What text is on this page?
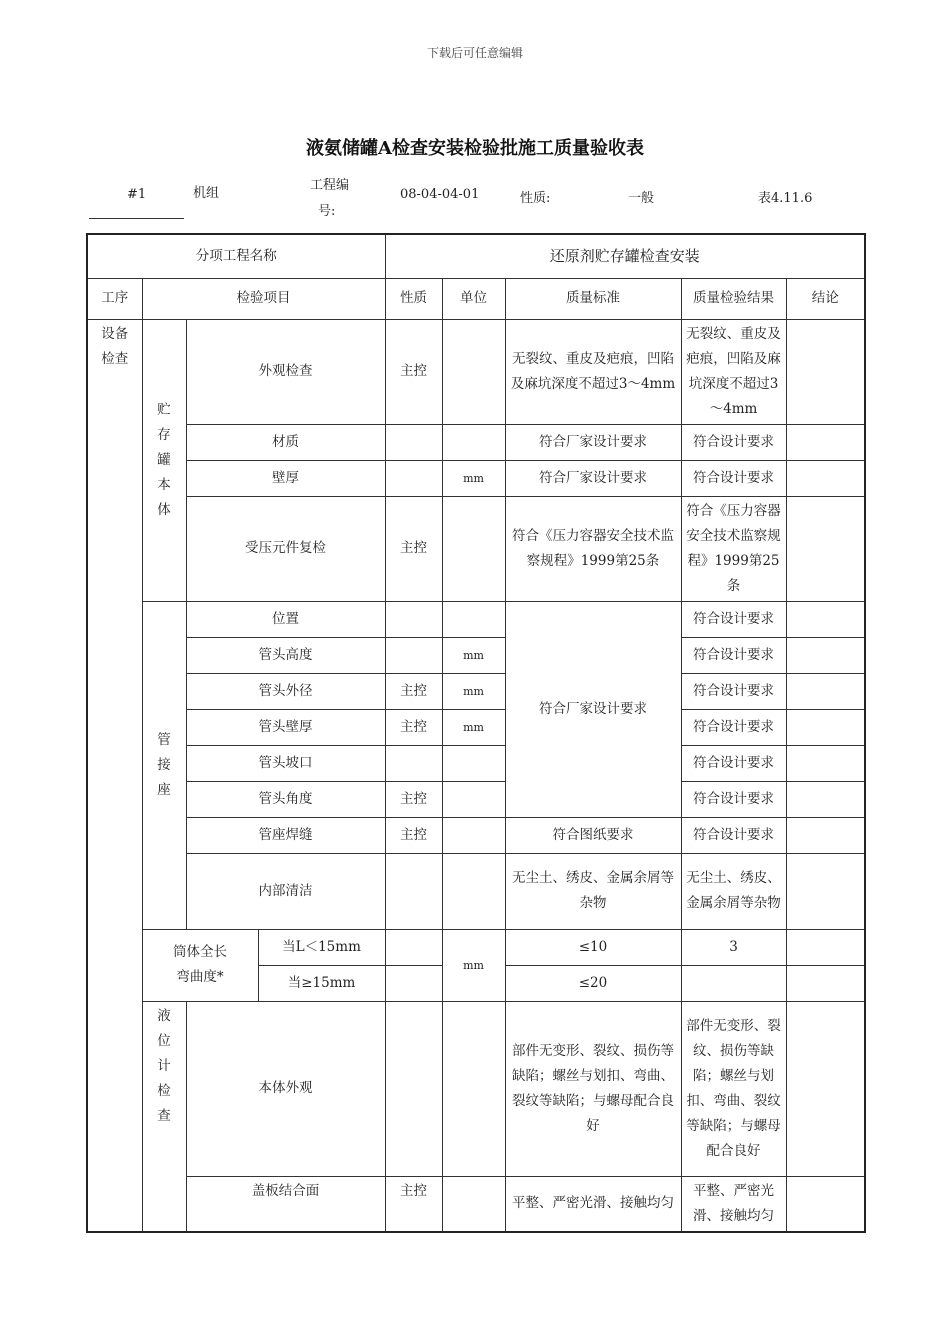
下载后可任意编辑
液氨储罐A检查安装检验批施工质量验收表
#1	机组
工程编
号:
08-04-04-01	性质:	一般	表4.11.6
分项工程名称				还原剂贮存罐检查安装				
工序	检验项目			性质	单位	质量标准	质量检验结果	结论

设备检查	贮存罐本体	外观检查		主控		无裂纹、重皮及疤痕，凹陷及麻坑深度不超过3～4mm	无裂纹、重皮及疤痕，凹陷及麻坑深度不超过3～4mm	
		材质				符合厂家设计要求	符合设计要求	
		壁厚			mm	符合厂家设计要求	符合设计要求	
		受压元件复检		主控		符合《压力容器安全技术监察规程》1999第25条	符合《压力容器安全技术监察规程》1999第25条	

	管接座	位置				符合厂家设计要求	符合设计要求	
		管头高度			mm		符合设计要求	
		管头外径		主控	mm		符合设计要求	
		管头壁厚		主控	mm		符合设计要求	
		管头坡口					符合设计要求	
		管头角度		主控			符合设计要求	
		管座焊缝		主控		符合图纸要求	符合设计要求	
		内部清洁				无尘土、绣皮、金属余屑等杂物	无尘土、绣皮、金属余屑等杂物	

	筒体全长弯曲度*		当L＜15mm		mm	≤10	3	
			当≥15mm			≤20		

	液位计检查	本体外观				部件无变形、裂纹、损伤等缺陷；螺丝与划扣、弯曲、裂纹等缺陷；与螺母配合良好	部件无变形、裂纹、损伤等缺陷；螺丝与划扣、弯曲、裂纹等缺陷；与螺母配合良好	
		盖板结合面		主控		平整、严密光滑、接触均匀	平整、严密光滑、接触均匀	
